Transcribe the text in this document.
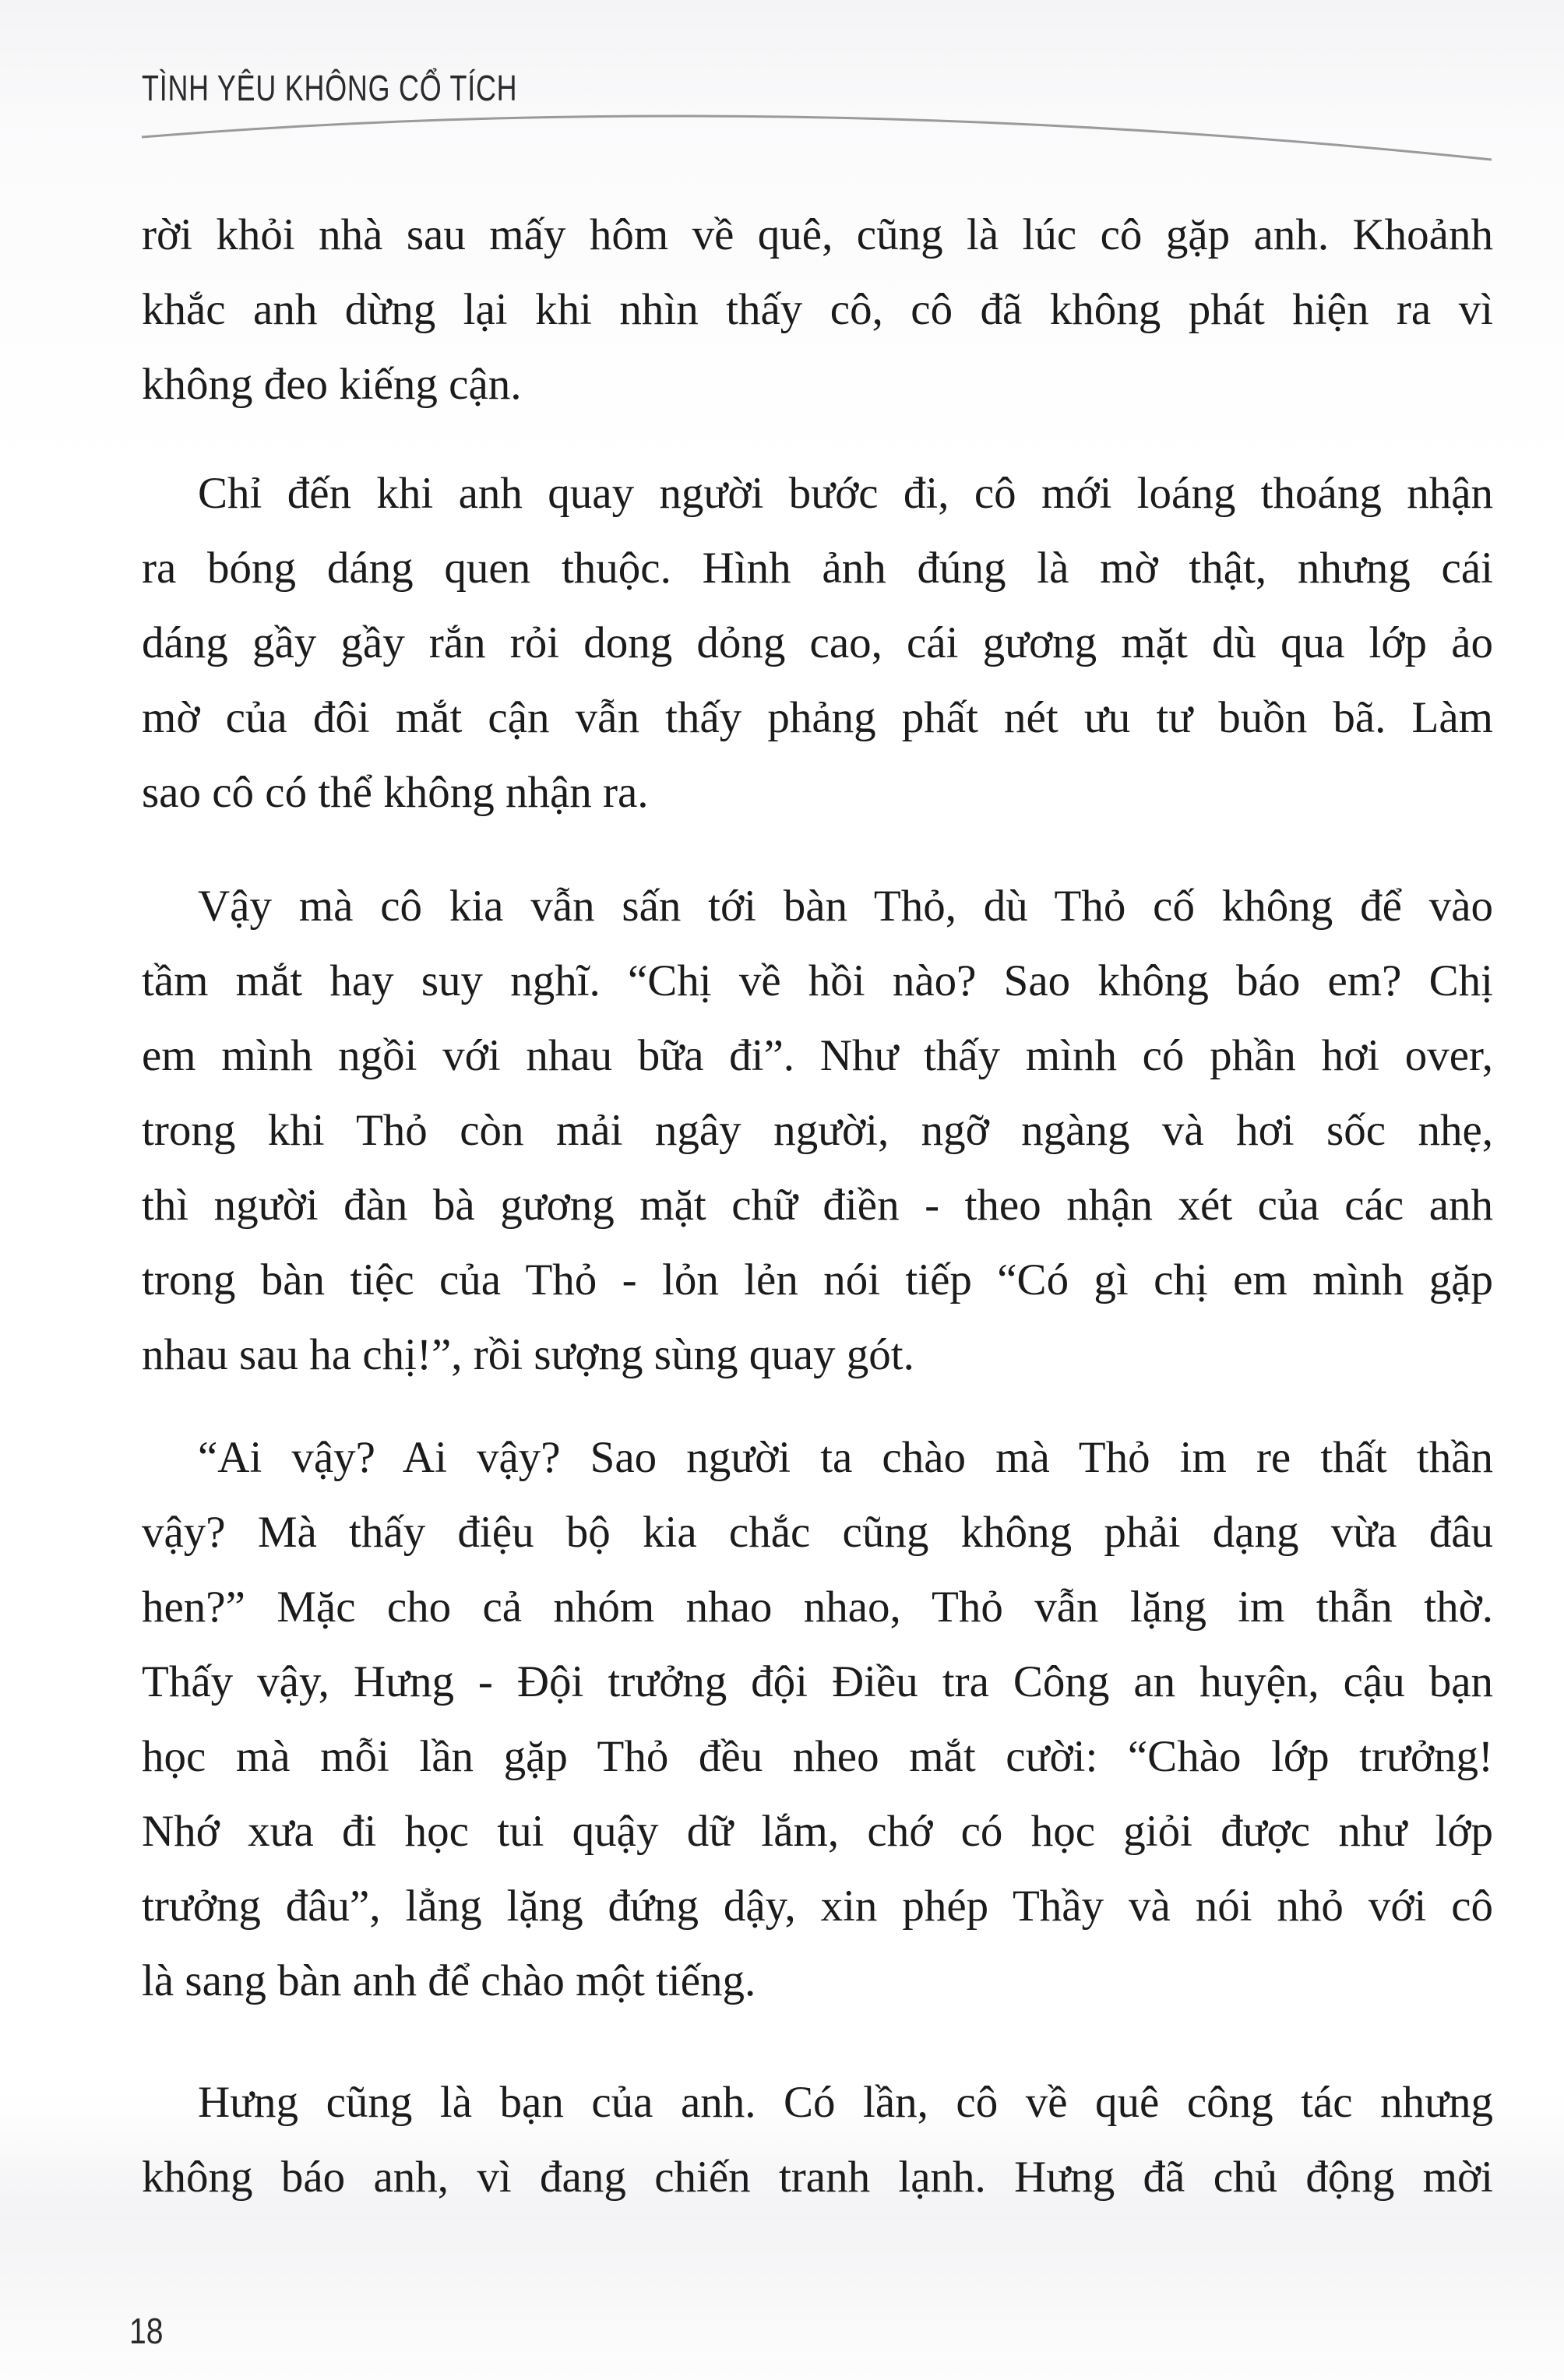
TÌNH YÊU KHÔNG CỔ TÍCH
rời khỏi nhà sau mấy hôm về quê, cũng là lúc cô gặp anh. Khoảnh
khắc anh dừng lại khi nhìn thấy cô, cô đã không phát hiện ra vì
không đeo kiếng cận.
Chỉ đến khi anh quay người bước đi, cô mới loáng thoáng nhận
ra bóng dáng quen thuộc. Hình ảnh đúng là mờ thật, nhưng cái
dáng gầy gầy rắn rỏi dong dỏng cao, cái gương mặt dù qua lớp ảo
mờ của đôi mắt cận vẫn thấy phảng phất nét ưu tư buồn bã. Làm
sao cô có thể không nhận ra.
Vậy mà cô kia vẫn sấn tới bàn Thỏ, dù Thỏ cố không để vào
tầm mắt hay suy nghĩ. “Chị về hồi nào? Sao không báo em? Chị
em mình ngồi với nhau bữa đi”. Như thấy mình có phần hơi over,
trong khi Thỏ còn mải ngây người, ngỡ ngàng và hơi sốc nhẹ,
thì người đàn bà gương mặt chữ điền - theo nhận xét của các anh
trong bàn tiệc của Thỏ - lỏn lẻn nói tiếp “Có gì chị em mình gặp
nhau sau ha chị!”, rồi sượng sùng quay gót.
“Ai vậy? Ai vậy? Sao người ta chào mà Thỏ im re thất thần
vậy? Mà thấy điệu bộ kia chắc cũng không phải dạng vừa đâu
hen?” Mặc cho cả nhóm nhao nhao, Thỏ vẫn lặng im thẫn thờ.
Thấy vậy, Hưng - Đội trưởng đội Điều tra Công an huyện, cậu bạn
học mà mỗi lần gặp Thỏ đều nheo mắt cười: “Chào lớp trưởng!
Nhớ xưa đi học tui quậy dữ lắm, chớ có học giỏi được như lớp
trưởng đâu”, lẳng lặng đứng dậy, xin phép Thầy và nói nhỏ với cô
là sang bàn anh để chào một tiếng.
Hưng cũng là bạn của anh. Có lần, cô về quê công tác nhưng
không báo anh, vì đang chiến tranh lạnh. Hưng đã chủ động mời
18
